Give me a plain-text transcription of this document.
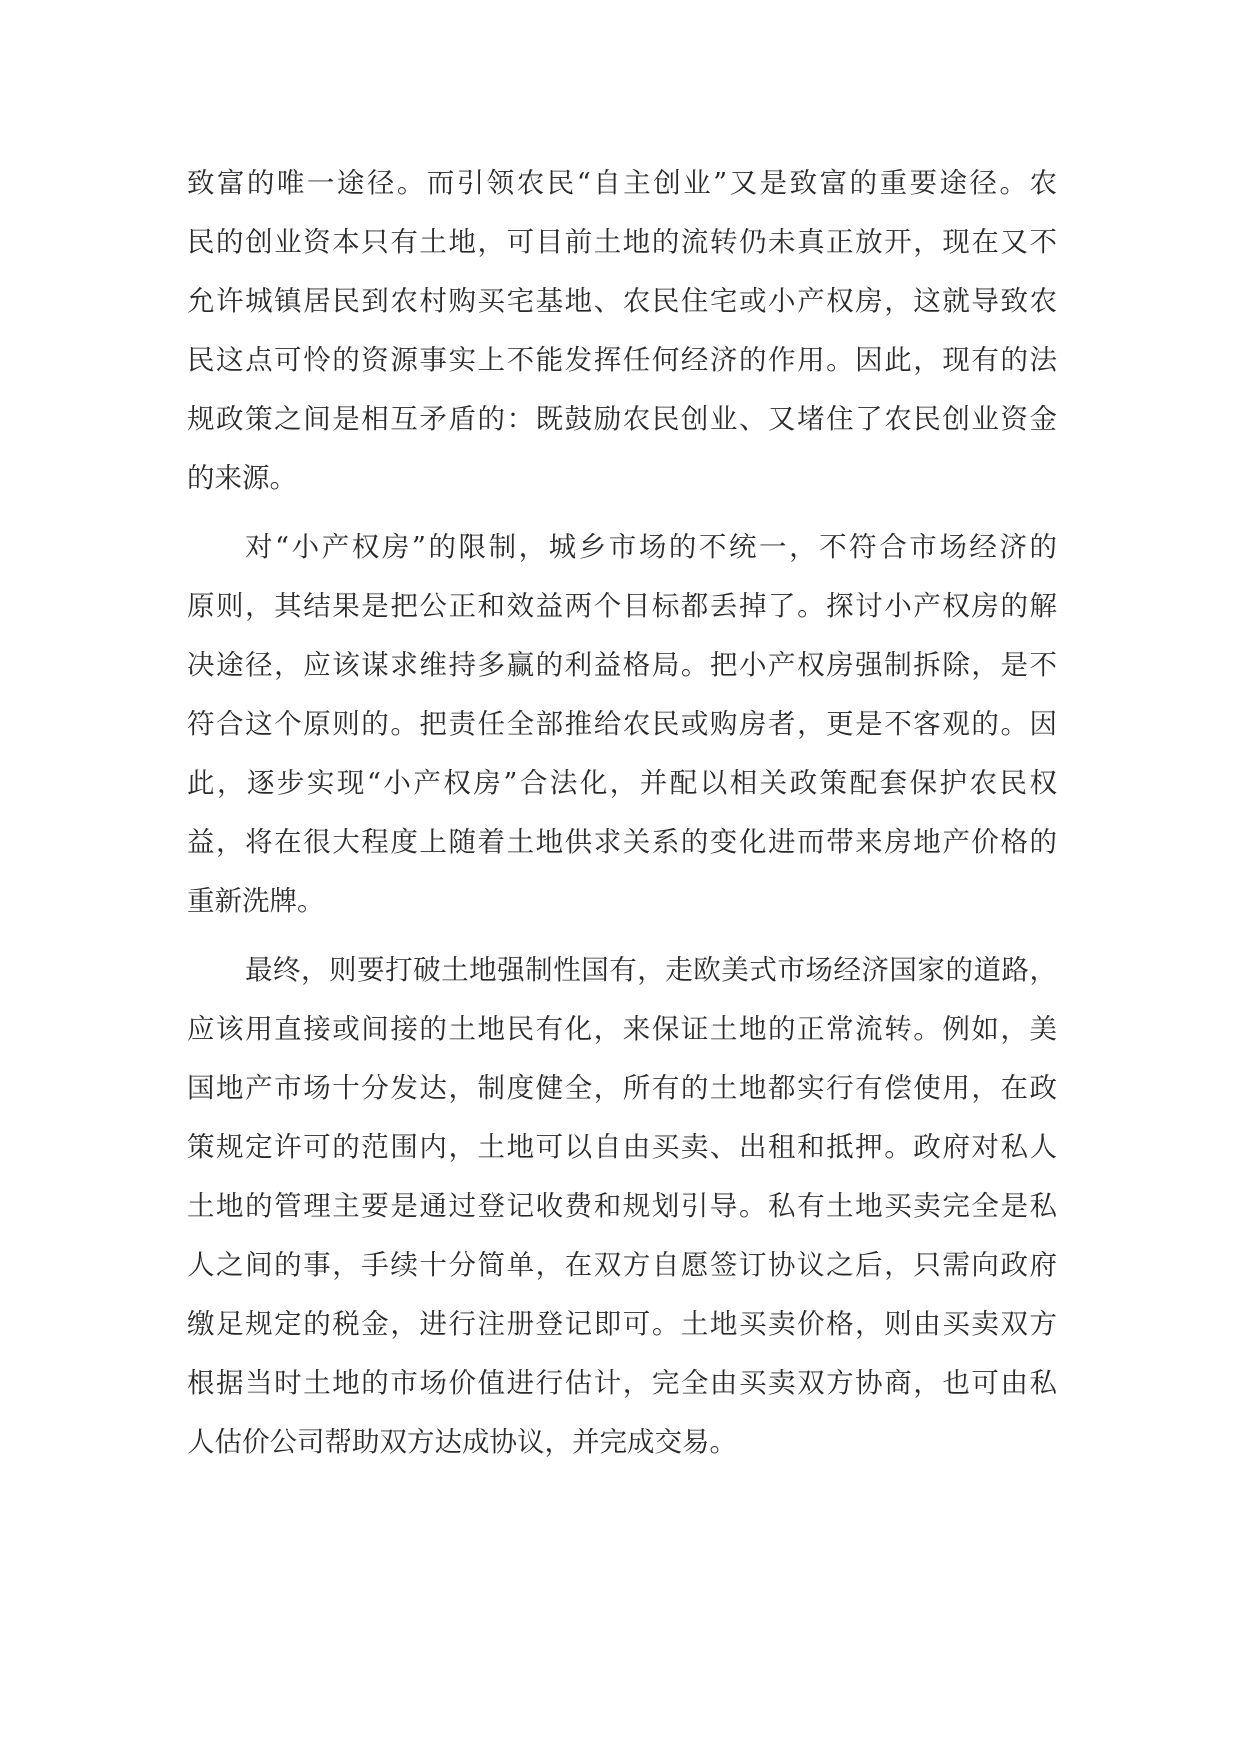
致富的唯一途径。而引领农民“自主创业”又是致富的重要途径。农
民的创业资本只有土地，可目前土地的流转仍未真正放开，现在又不
允许城镇居民到农村购买宅基地、农民住宅或小产权房，这就导致农
民这点可怜的资源事实上不能发挥任何经济的作用。因此，现有的法
规政策之间是相互矛盾的：既鼓励农民创业、又堵住了农民创业资金
的来源。
对“小产权房”的限制，城乡市场的不统一，不符合市场经济的
原则，其结果是把公正和效益两个目标都丢掉了。探讨小产权房的解
决途径，应该谋求维持多赢的利益格局。把小产权房强制拆除，是不
符合这个原则的。把责任全部推给农民或购房者，更是不客观的。因
此，逐步实现“小产权房”合法化，并配以相关政策配套保护农民权
益，将在很大程度上随着土地供求关系的变化进而带来房地产价格的
重新洗牌。
最终，则要打破土地强制性国有，走欧美式市场经济国家的道路，
应该用直接或间接的土地民有化，来保证土地的正常流转。例如，美
国地产市场十分发达，制度健全，所有的土地都实行有偿使用，在政
策规定许可的范围内，土地可以自由买卖、出租和抵押。政府对私人
土地的管理主要是通过登记收费和规划引导。私有土地买卖完全是私
人之间的事，手续十分简单，在双方自愿签订协议之后，只需向政府
缴足规定的税金，进行注册登记即可。土地买卖价格，则由买卖双方
根据当时土地的市场价值进行估计，完全由买卖双方协商，也可由私
人估价公司帮助双方达成协议，并完成交易。
